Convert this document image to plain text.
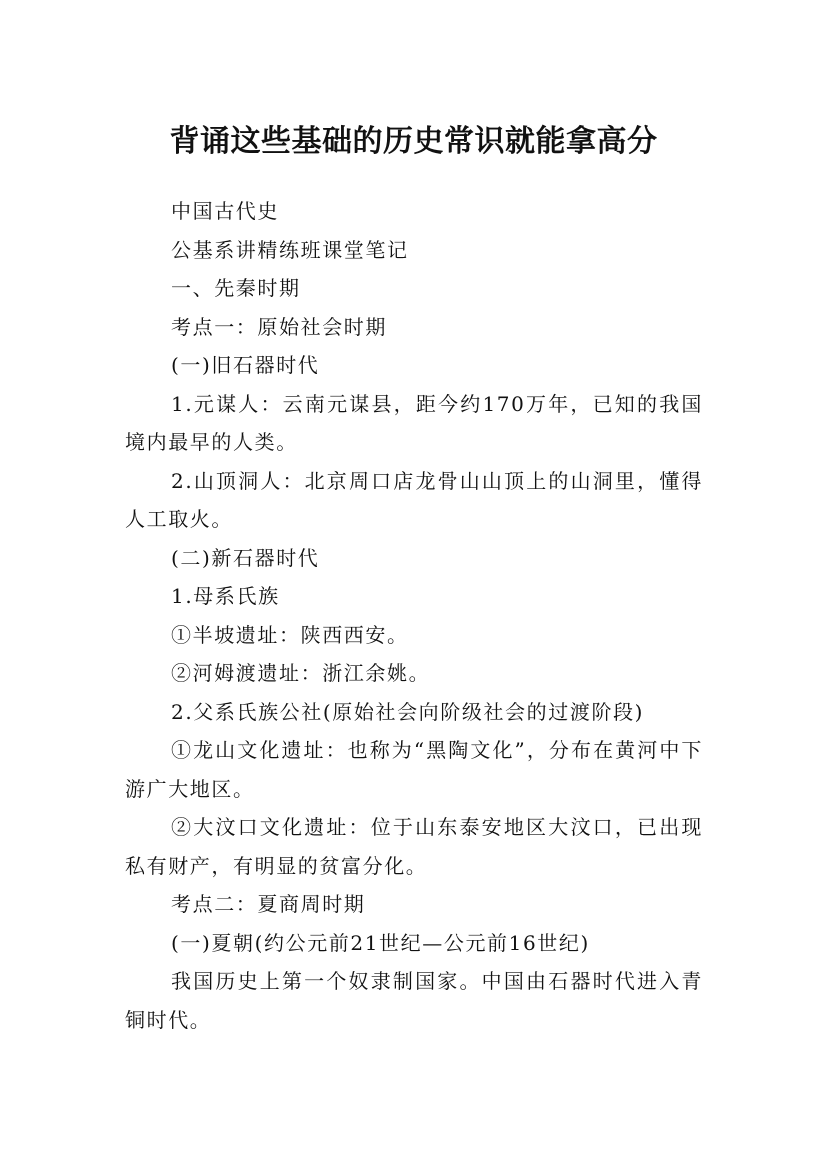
背诵这些基础的历史常识就能拿高分

中国古代史

公基系讲精练班课堂笔记

一、先秦时期

考点一：原始社会时期

(一)旧石器时代

1.元谋人：云南元谋县，距今约170万年，已知的我国境内最早的人类。

2.山顶洞人：北京周口店龙骨山山顶上的山洞里，懂得人工取火。

(二)新石器时代

1.母系氏族

①半坡遗址：陕西西安。

②河姆渡遗址：浙江余姚。

2.父系氏族公社(原始社会向阶级社会的过渡阶段)

①龙山文化遗址：也称为“黑陶文化”，分布在黄河中下游广大地区。

②大汶口文化遗址：位于山东泰安地区大汶口，已出现私有财产，有明显的贫富分化。

考点二：夏商周时期

(一)夏朝(约公元前21世纪—公元前16世纪)

我国历史上第一个奴隶制国家。中国由石器时代进入青铜时代。
